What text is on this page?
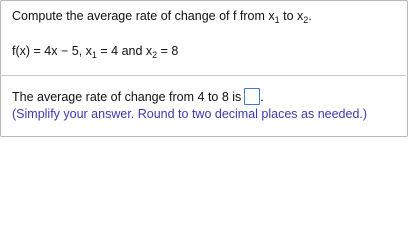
Compute the average rate of change of f from $x_1$ to $x_2$.
f(x) = 4x − 5, $x_1 = 4$ and $x_2 = 8$
The average rate of change from 4 to 8 is .
(Simplify your answer. Round to two decimal places as needed.)
